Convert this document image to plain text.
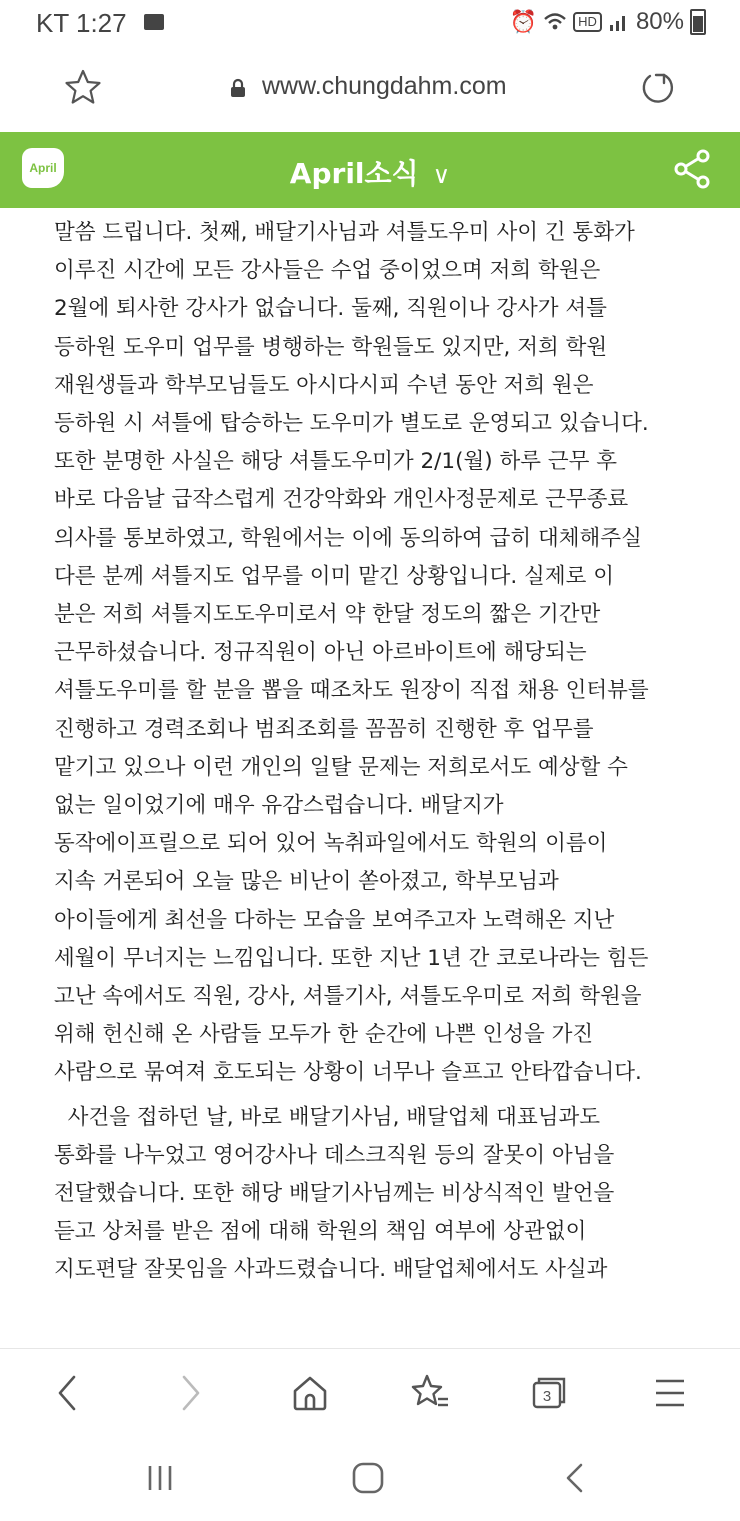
KT 1:27	⏰	HD 80%
www.chungdahm.com
April	April소식 ∨

말씀 드립니다. 첫째, 배달기사님과 셔틀도우미 사이 긴 통화가

이루진 시간에 모든 강사들은 수업 중이었으며 저희 학원은

2월에 퇴사한 강사가 없습니다. 둘째, 직원이나 강사가 셔틀

등하원 도우미 업무를 병행하는 학원들도 있지만, 저희 학원

재원생들과 학부모님들도 아시다시피 수년 동안 저희 원은

등하원 시 셔틀에 탑승하는 도우미가 별도로 운영되고 있습니다.

또한 분명한 사실은 해당 셔틀도우미가 2/1(월) 하루 근무 후

바로 다음날 급작스럽게 건강악화와 개인사정문제로 근무종료

의사를 통보하였고, 학원에서는 이에 동의하여 급히 대체해주실

다른 분께 셔틀지도 업무를 이미 맡긴 상황입니다. 실제로 이

분은 저희 셔틀지도도우미로서 약 한달 정도의 짧은 기간만

근무하셨습니다. 정규직원이 아닌 아르바이트에 해당되는

셔틀도우미를 할 분을 뽑을 때조차도 원장이 직접 채용 인터뷰를

진행하고 경력조회나 범죄조회를 꼼꼼히 진행한 후 업무를

맡기고 있으나 이런 개인의 일탈 문제는 저희로서도 예상할 수

없는 일이었기에 매우 유감스럽습니다. 배달지가

동작에이프릴으로 되어 있어 녹취파일에서도 학원의 이름이

지속 거론되어 오늘 많은 비난이 쏟아졌고, 학부모님과

아이들에게 최선을 다하는 모습을 보여주고자 노력해온 지난

세월이 무너지는 느낌입니다. 또한 지난 1년 간 코로나라는 힘든

고난 속에서도 직원, 강사, 셔틀기사, 셔틀도우미로 저희 학원을

위해 헌신해 온 사람들 모두가 한 순간에 나쁜 인성을 가진

사람으로 묶여져 호도되는 상황이 너무나 슬프고 안타깝습니다.

사건을 접하던 날, 바로 배달기사님, 배달업체 대표님과도

통화를 나누었고 영어강사나 데스크직원 등의 잘못이 아님을

전달했습니다. 또한 해당 배달기사님께는 비상식적인 발언을

듣고 상처를 받은 점에 대해 학원의 책임 여부에 상관없이

지도편달 잘못임을 사과드렸습니다. 배달업체에서도 사실과

3
